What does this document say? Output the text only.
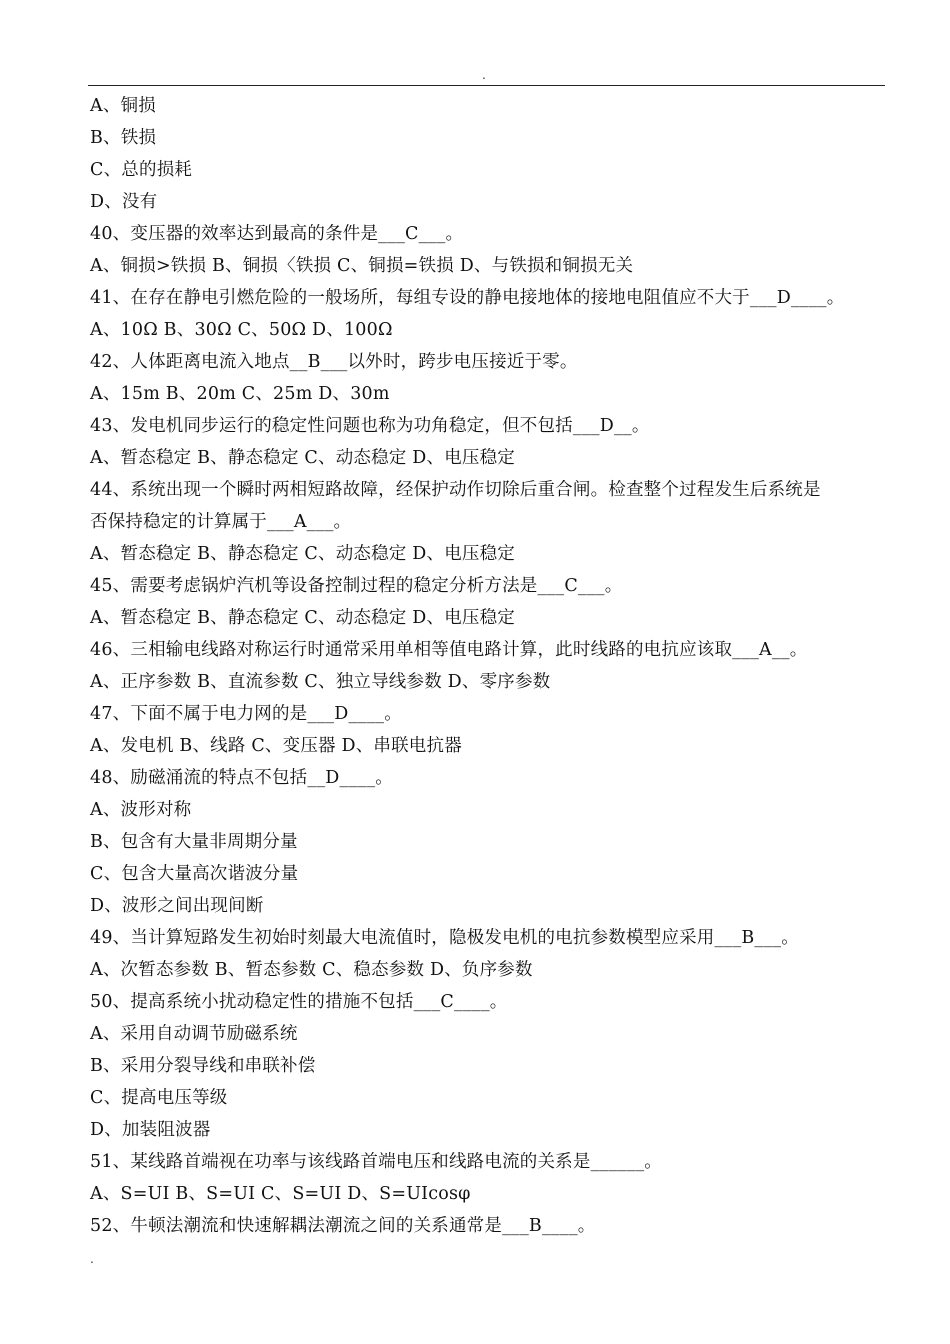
.
A、铜损
B、铁损
C、总的损耗
D、没有
40、变压器的效率达到最高的条件是___C___。
A、铜损>铁损 B、铜损〈铁损 C、铜损=铁损 D、与铁损和铜损无关
41、在存在静电引燃危险的一般场所，每组专设的静电接地体的接地电阻值应不大于___D____。
A、10Ω B、30Ω C、50Ω D、100Ω
42、人体距离电流入地点__B___以外时，跨步电压接近于零。
A、15m B、20m C、25m D、30m
43、发电机同步运行的稳定性问题也称为功角稳定，但不包括___D__。
A、暂态稳定 B、静态稳定 C、动态稳定 D、电压稳定
44、系统出现一个瞬时两相短路故障，经保护动作切除后重合闸。检查整个过程发生后系统是
否保持稳定的计算属于___A___。
A、暂态稳定 B、静态稳定 C、动态稳定 D、电压稳定
45、需要考虑锅炉汽机等设备控制过程的稳定分析方法是___C___。
A、暂态稳定 B、静态稳定 C、动态稳定 D、电压稳定
46、三相输电线路对称运行时通常采用单相等值电路计算，此时线路的电抗应该取___A__。
A、正序参数 B、直流参数 C、独立导线参数 D、零序参数
47、下面不属于电力网的是___D____。
A、发电机 B、线路 C、变压器 D、串联电抗器
48、励磁涌流的特点不包括__D____。
A、波形对称
B、包含有大量非周期分量
C、包含大量高次谐波分量
D、波形之间出现间断
49、当计算短路发生初始时刻最大电流值时，隐极发电机的电抗参数模型应采用___B___。
A、次暂态参数 B、暂态参数 C、稳态参数 D、负序参数
50、提高系统小扰动稳定性的措施不包括___C____。
A、采用自动调节励磁系统
B、采用分裂导线和串联补偿
C、提高电压等级
D、加装阻波器
51、某线路首端视在功率与该线路首端电压和线路电流的关系是______。
A、S=UI B、S=UI C、S=UI D、S=UIcosφ
52、牛顿法潮流和快速解耦法潮流之间的关系通常是___B____。
.
